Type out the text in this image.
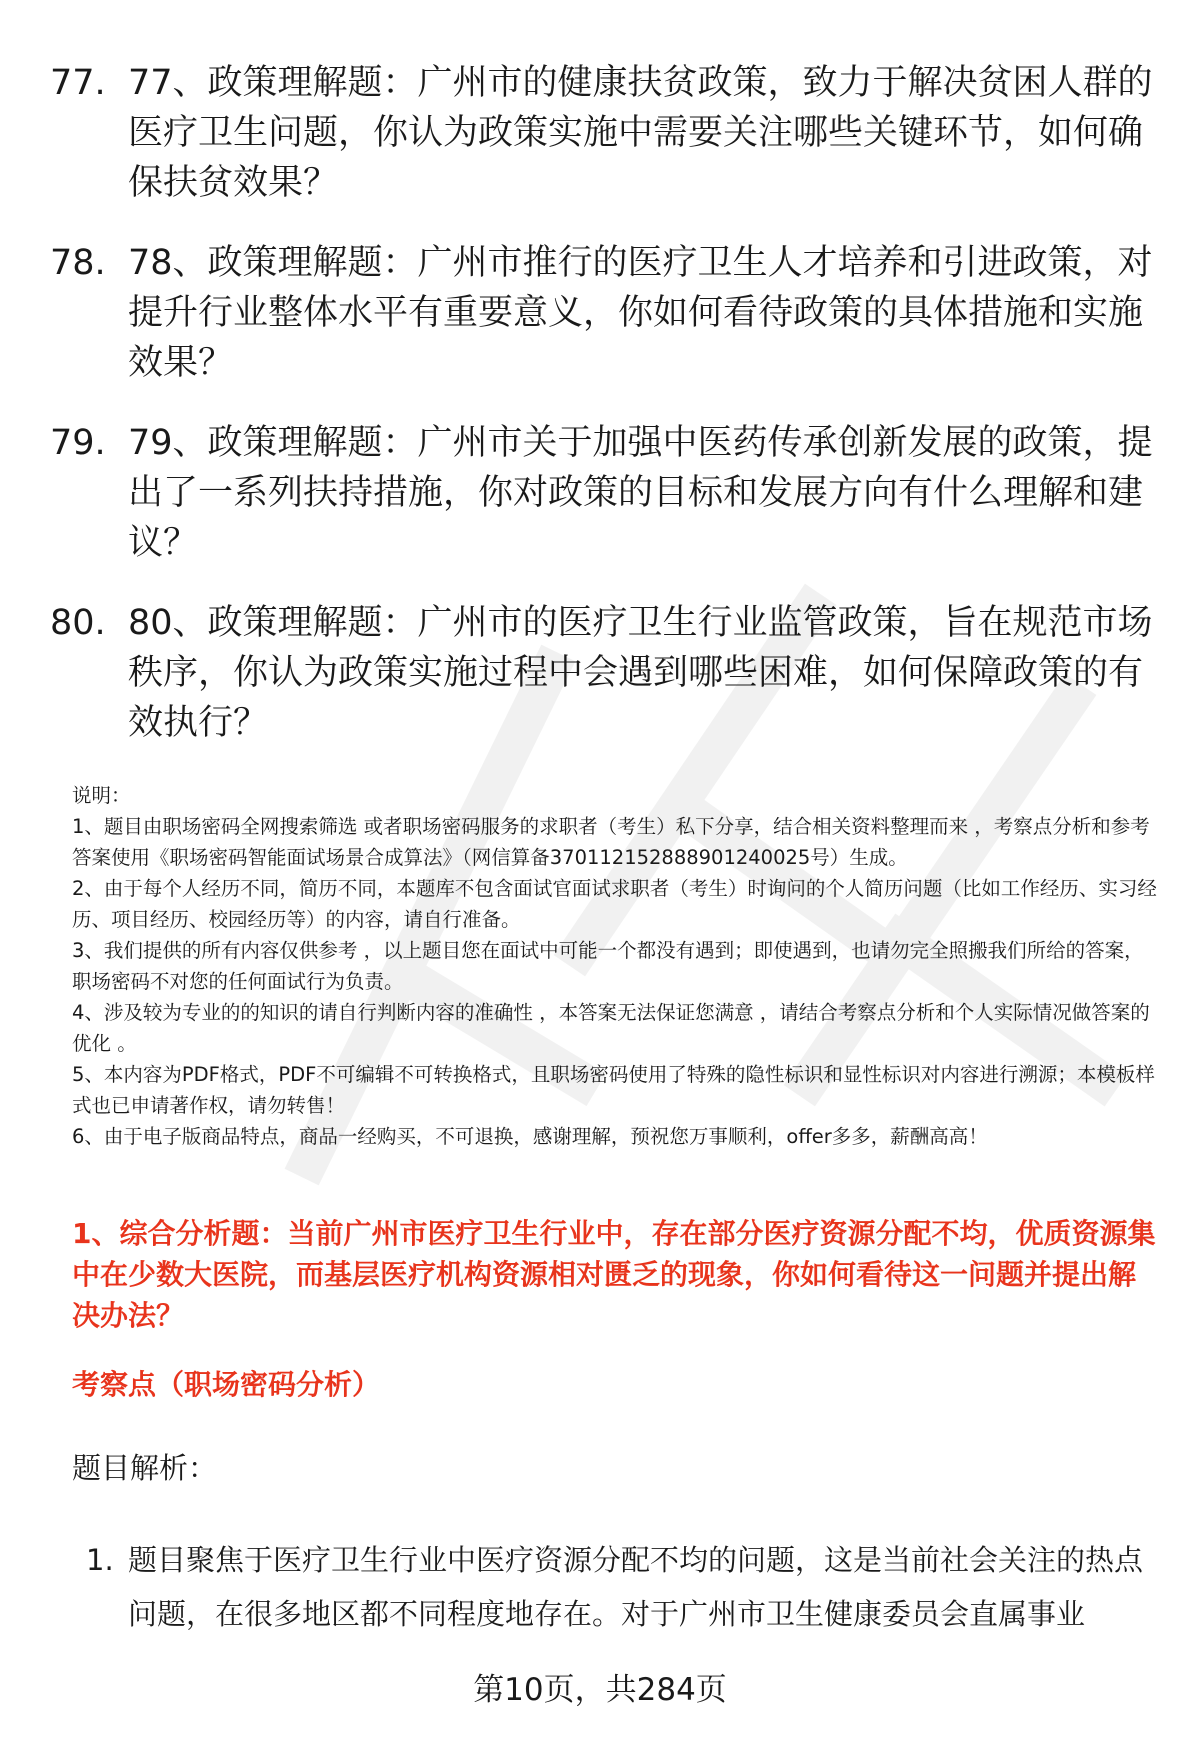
77. 77、政策理解题：广州市的健康扶贫政策，致力于解决贫困人群的医疗卫生问题，你认为政策实施中需要关注哪些关键环节，如何确保扶贫效果？
78. 78、政策理解题：广州市推行的医疗卫生人才培养和引进政策，对提升行业整体水平有重要意义，你如何看待政策的具体措施和实施效果？
79. 79、政策理解题：广州市关于加强中医药传承创新发展的政策，提出了一系列扶持措施，你对政策的目标和发展方向有什么理解和建议？
80. 80、政策理解题：广州市的医疗卫生行业监管政策，旨在规范市场秩序，你认为政策实施过程中会遇到哪些困难，如何保障政策的有效执行？

说明：

1、题目由职场密码全网搜索筛选 或者职场密码服务的求职者（考生）私下分享，结合相关资料整理而来 ，考察点分析和参考答案使用《职场密码智能面试场景合成算法》（网信算备370112152888901240025号）生成。

2、由于每个人经历不同，简历不同，本题库不包含面试官面试求职者（考生）时询问的个人简历问题（比如工作经历、实习经历、项目经历、校园经历等）的内容，请自行准备。

3、我们提供的所有内容仅供参考 ，以上题目您在面试中可能一个都没有遇到；即使遇到，也请勿完全照搬我们所给的答案，职场密码不对您的任何面试行为负责。

4、涉及较为专业的的知识的请自行判断内容的准确性 ，本答案无法保证您满意 ，请结合考察点分析和个人实际情况做答案的优化 。

5、本内容为PDF格式，PDF不可编辑不可转换格式，且职场密码使用了特殊的隐性标识和显性标识对内容进行溯源；本模板样式也已申请著作权，请勿转售！

6、由于电子版商品特点，商品一经购买，不可退换，感谢理解，预祝您万事顺利，offer多多，薪酬高高！

1、综合分析题：当前广州市医疗卫生行业中，存在部分医疗资源分配不均，优质资源集中在少数大医院，而基层医疗机构资源相对匮乏的现象，你如何看待这一问题并提出解决办法？

考察点（职场密码分析）

题目解析：

1. 题目聚焦于医疗卫生行业中医疗资源分配不均的问题，这是当前社会关注的热点问题，在很多地区都不同程度地存在。对于广州市卫生健康委员会直属事业
第10页，共284页
